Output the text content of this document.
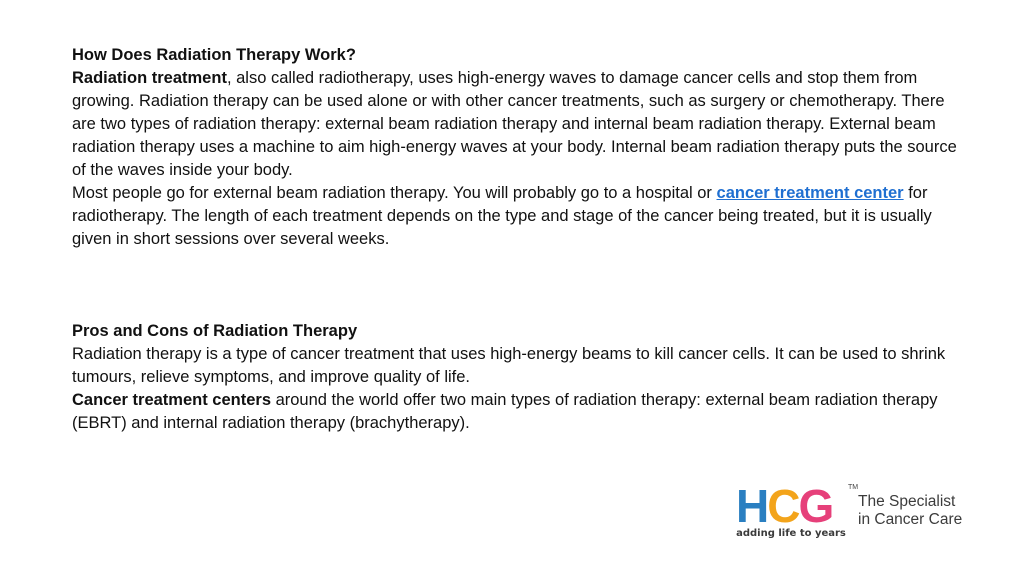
How Does Radiation Therapy Work?

Radiation treatment, also called radiotherapy, uses high-energy waves to damage cancer cells and stop them from growing. Radiation therapy can be used alone or with other cancer treatments, such as surgery or chemotherapy. There are two types of radiation therapy: external beam radiation therapy and internal beam radiation therapy. External beam radiation therapy uses a machine to aim high-energy waves at your body. Internal beam radiation therapy puts the source of the waves inside your body.

Most people go for external beam radiation therapy. You will probably go to a hospital or cancer treatment center for radiotherapy. The length of each treatment depends on the type and stage of the cancer being treated, but it is usually given in short sessions over several weeks.

Pros and Cons of Radiation Therapy

Radiation therapy is a type of cancer treatment that uses high-energy beams to kill cancer cells. It can be used to shrink tumours, relieve symptoms, and improve quality of life.

Cancer treatment centers around the world offer two main types of radiation therapy: external beam radiation therapy (EBRT) and internal radiation therapy (brachytherapy).

HCG TM
adding life to years
The Specialist
in Cancer Care
